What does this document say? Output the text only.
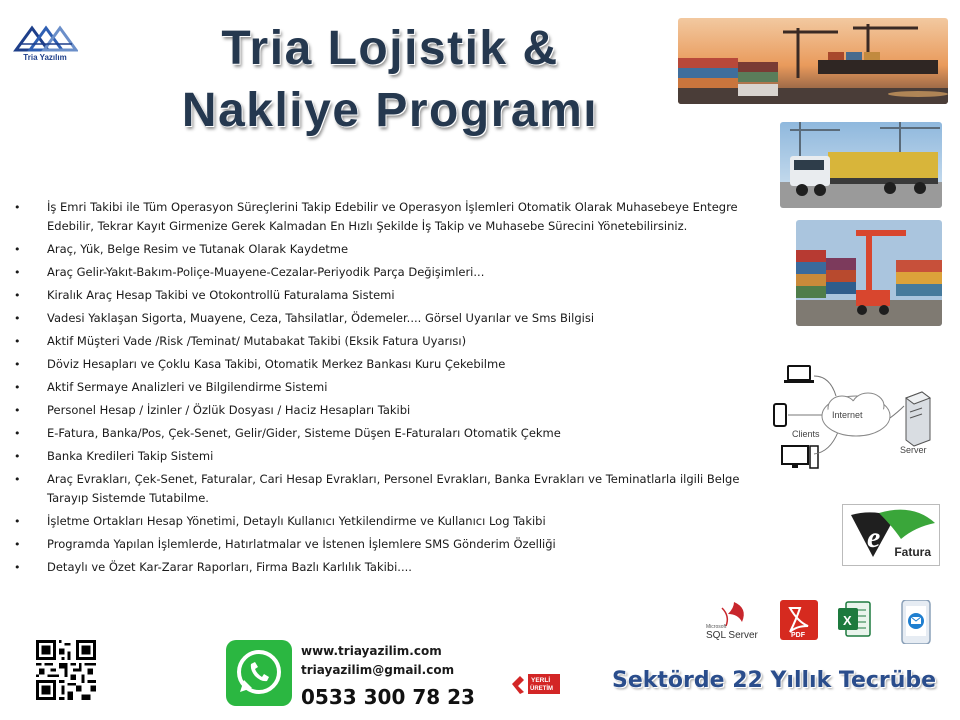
Tria Yazılım	Tria Lojistik &
Nakliye Programı
• İş Emri Takibi ile Tüm Operasyon Süreçlerini Takip Edebilir ve Operasyon İşlemleri Otomatik Olarak Muhasebeye Entegre Edebilir, Tekrar Kayıt Girmenize Gerek Kalmadan En Hızlı Şekilde İş Takip ve Muhasebe Sürecini Yönetebilirsiniz.
• Araç, Yük, Belge Resim ve Tutanak Olarak Kaydetme
• Araç Gelir-Yakıt-Bakım-Poliçe-Muayene-Cezalar-Periyodik Parça Değişimleri...
• Kiralık Araç Hesap Takibi ve Otokontrollü Faturalama Sistemi
• Vadesi Yaklaşan Sigorta, Muayene, Ceza, Tahsilatlar, Ödemeler.... Görsel Uyarılar ve Sms Bilgisi
• Aktif Müşteri Vade /Risk /Teminat/ Mutabakat Takibi (Eksik Fatura Uyarısı)
• Döviz Hesapları ve Çoklu Kasa Takibi, Otomatik Merkez Bankası Kuru Çekebilme
• Aktif Sermaye Analizleri ve Bilgilendirme Sistemi
• Personel Hesap / İzinler / Özlük Dosyası / Haciz Hesapları Takibi
• E-Fatura, Banka/Pos, Çek-Senet, Gelir/Gider, Sisteme Düşen E-Faturaları Otomatik Çekme
• Banka Kredileri Takip Sistemi
• Araç Evrakları, Çek-Senet, Faturalar, Cari Hesap Evrakları, Personel Evrakları, Banka Evrakları ve Teminatlarla ilgili Belge Tarayıp Sistemde Tutabilme.
• İşletme Ortakları Hesap Yönetimi, Detaylı Kullanıcı Yetkilendirme ve Kullanıcı Log Takibi
• Programda Yapılan İşlemlerde, Hatırlatmalar ve İstenen İşlemlere SMS Gönderim Özelliği
• Detaylı ve Özet Kar-Zarar Raporları, Firma Bazlı Karlılık Takibi....
Internet
Clients
Server
e Fatura
Microsoft
SQL Server	PDF
X
www.triayazilim.com
triayazilim@gmail.com
0533 300 78 23
YERLİ
ÜRETİM	Sektörde 22 Yıllık Tecrübe
